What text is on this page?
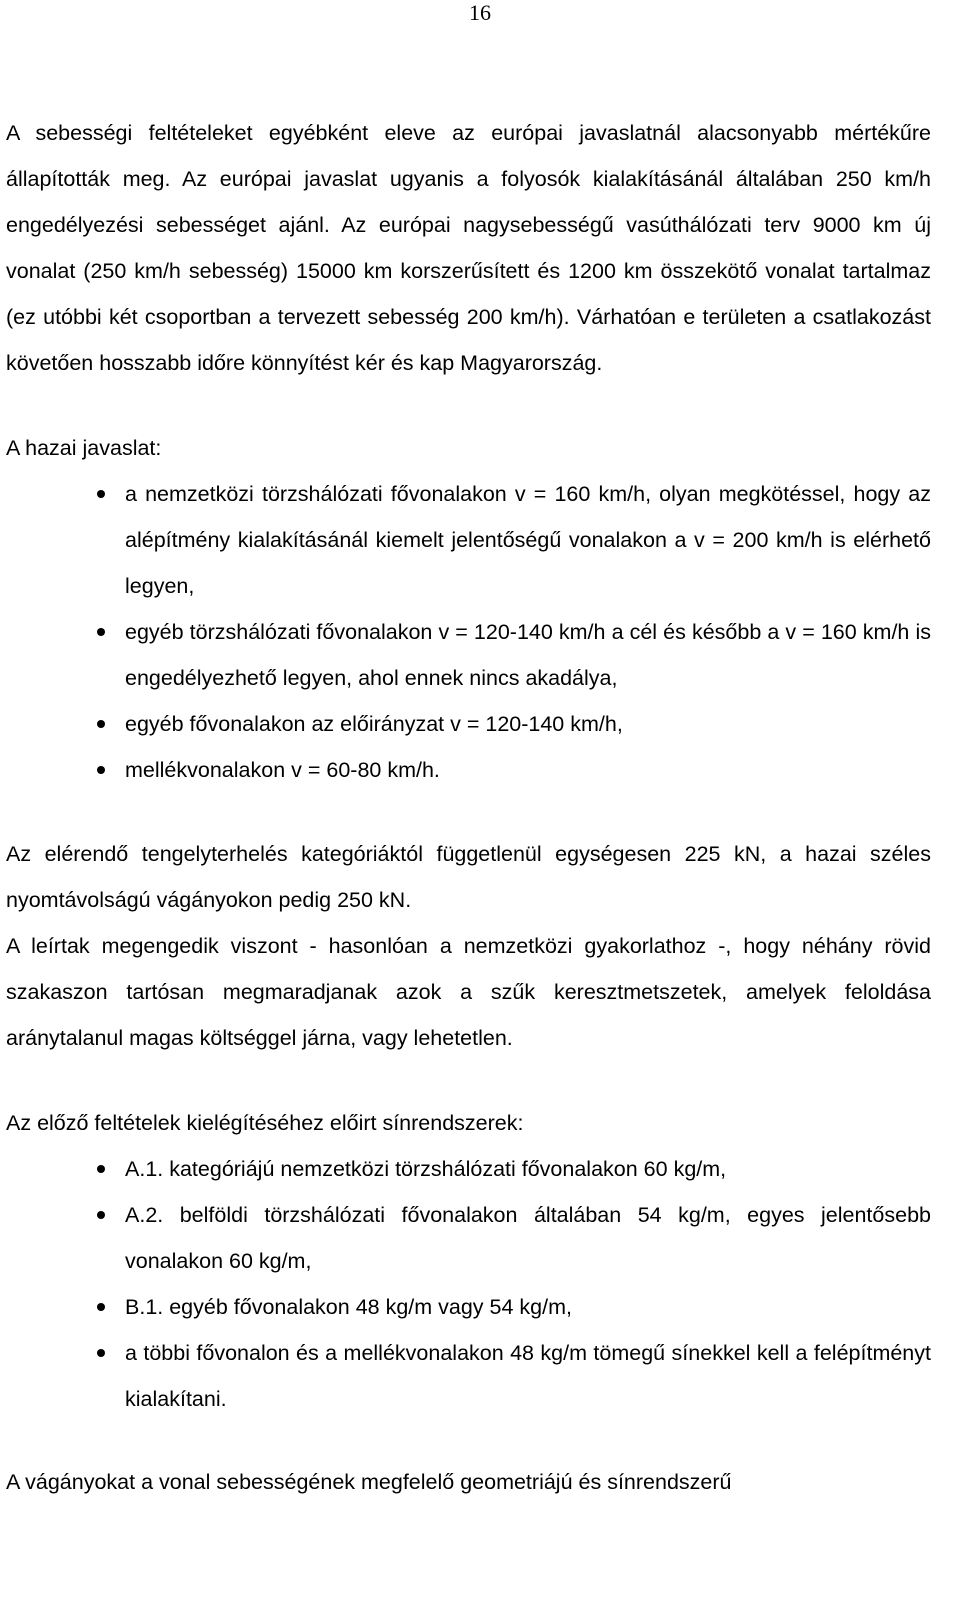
16

A sebességi feltételeket egyébként eleve az európai javaslatnál alacsonyabb mértékűre állapították meg. Az európai javaslat ugyanis a folyosók kialakításánál általában 250 km/h engedélyezési sebességet ajánl. Az európai nagysebességű vasúthálózati terv 9000 km új vonalat (250 km/h sebesség) 15000 km korszerűsített és 1200 km összekötő vonalat tartalmaz (ez utóbbi két csoportban a tervezett sebesség 200 km/h). Várhatóan e területen a csatlakozást követően hosszabb időre könnyítést kér és kap Magyarország.

A hazai javaslat:

a nemzetközi törzshálózati fővonalakon v = 160 km/h, olyan megkötéssel, hogy az alépítmény kialakításánál kiemelt jelentőségű vonalakon a v = 200 km/h is elérhető legyen,
egyéb törzshálózati fővonalakon v = 120-140 km/h a cél és később a v = 160 km/h is engedélyezhető legyen, ahol ennek nincs akadálya,
egyéb fővonalakon az előirányzat v = 120-140 km/h,
mellékvonalakon v = 60-80 km/h.

Az elérendő tengelyterhelés kategóriáktól függetlenül egységesen 225 kN, a hazai széles nyomtávolságú vágányokon pedig 250 kN.

A leírtak megengedik viszont - hasonlóan a nemzetközi gyakorlathoz -, hogy néhány rövid szakaszon tartósan megmaradjanak azok a szűk keresztmetszetek, amelyek feloldása aránytalanul magas költséggel járna, vagy lehetetlen.

Az előző feltételek kielégítéséhez előirt sínrendszerek:

A.1. kategóriájú nemzetközi törzshálózati fővonalakon 60 kg/m,
A.2. belföldi törzshálózati fővonalakon általában 54 kg/m, egyes jelentősebb vonalakon 60 kg/m,
B.1. egyéb fővonalakon 48 kg/m vagy 54 kg/m,
a többi fővonalon és a mellékvonalakon 48 kg/m tömegű sínekkel kell a felépítményt kialakítani.

A vágányokat a vonal sebességének megfelelő geometriájú és sínrendszerű
